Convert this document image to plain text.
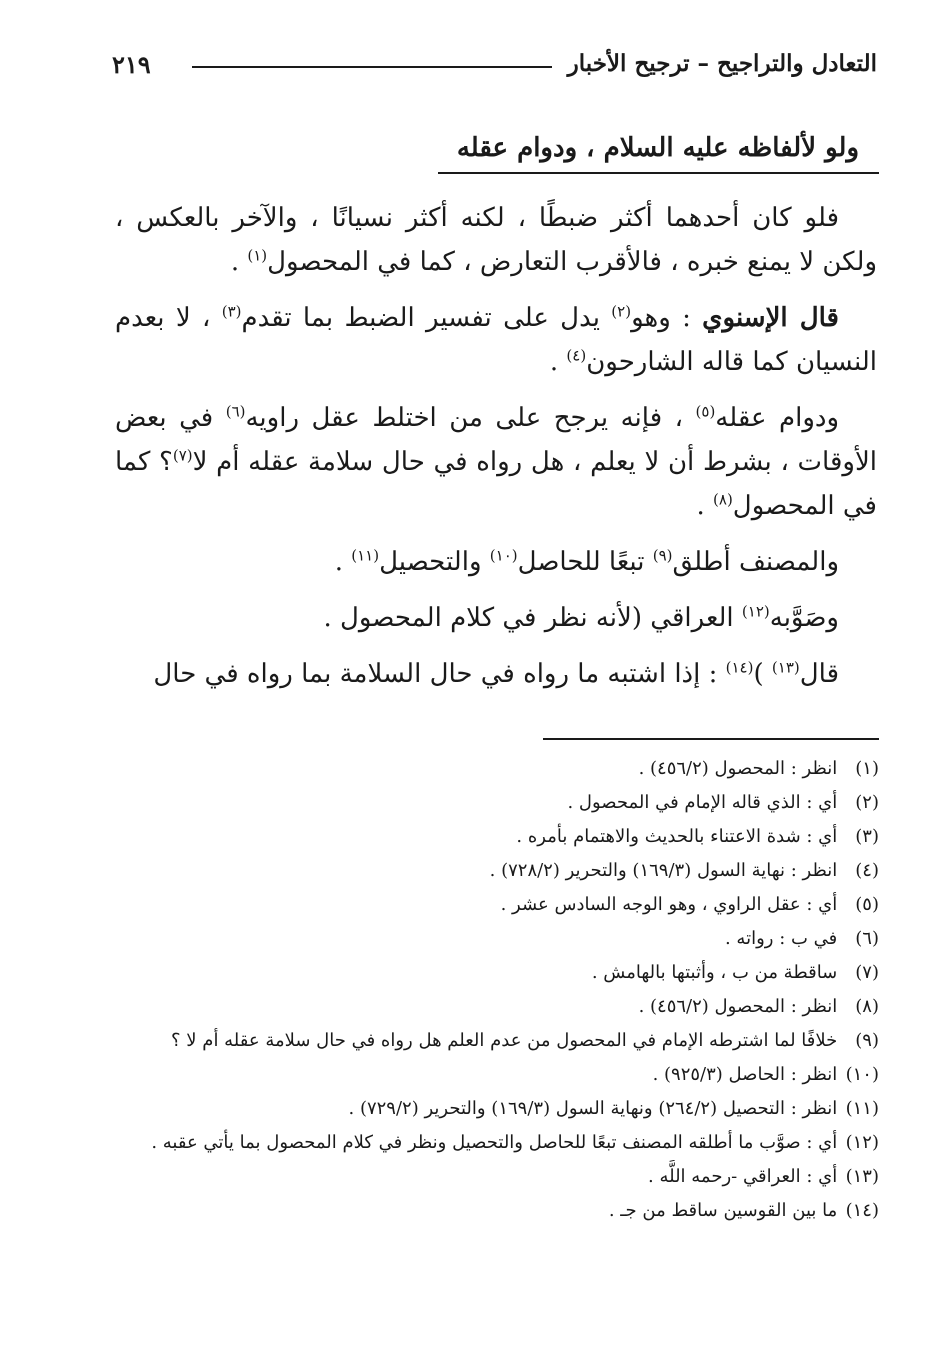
التعادل والتراجيح – ترجيح الأخبار
٢١٩
ولو لألفاظه عليه السلام ، ودوام عقله

فلو كان أحدهما أكثر ضبطًا ، لكنه أكثر نسيانًا ، والآخر بالعكس ، ولكن لا يمنع خبره ، فالأقرب التعارض ، كما في المحصول$^{(١)}$ .

قال الإسنوي : وهو$^{(٢)}$ يدل على تفسير الضبط بما تقدم$^{(٣)}$ ، لا بعدم النسيان كما قاله الشارحون$^{(٤)}$ .

ودوام عقله$^{(٥)}$ ، فإنه يرجح على من اختلط عقل راويه$^{(٦)}$ في بعض الأوقات ، بشرط أن لا يعلم ، هل رواه في حال سلامة عقله أم لا$^{(٧)}$؟ كما في المحصول$^{(٨)}$ .

والمصنف أطلق$^{(٩)}$ تبعًا للحاصل$^{(١٠)}$ والتحصيل$^{(١١)}$ .

وصَوَّبه$^{(١٢)}$ العراقي (لأنه نظر في كلام المحصول .

قال$^{(١٣)}$ )$^{(١٤)}$ : إذا اشتبه ما رواه في حال السلامة بما رواه في حال

(١) انظر : المحصول (٤٥٦/٢) .
(٢) أي : الذي قاله الإمام في المحصول .
(٣) أي : شدة الاعتناء بالحديث والاهتمام بأمره .
(٤) انظر : نهاية السول (١٦٩/٣) والتحرير (٧٢٨/٢) .
(٥) أي : عقل الراوي ، وهو الوجه السادس عشر .
(٦) في ب : رواته .
(٧) ساقطة من ب ، وأثبتها بالهامش .
(٨) انظر : المحصول (٤٥٦/٢) .
(٩) خلافًا لما اشترطه الإمام في المحصول من عدم العلم هل رواه في حال سلامة عقله أم لا ؟
(١٠) انظر : الحاصل (٩٢٥/٣) .
(١١) انظر : التحصيل (٢٦٤/٢) ونهاية السول (١٦٩/٣) والتحرير (٧٢٩/٢) .
(١٢) أي : صوَّب ما أطلقه المصنف تبعًا للحاصل والتحصيل ونظر في كلام المحصول بما يأتي عقبه .
(١٣) أي : العراقي -رحمه اللَّه .
(١٤) ما بين القوسين ساقط من جـ .
